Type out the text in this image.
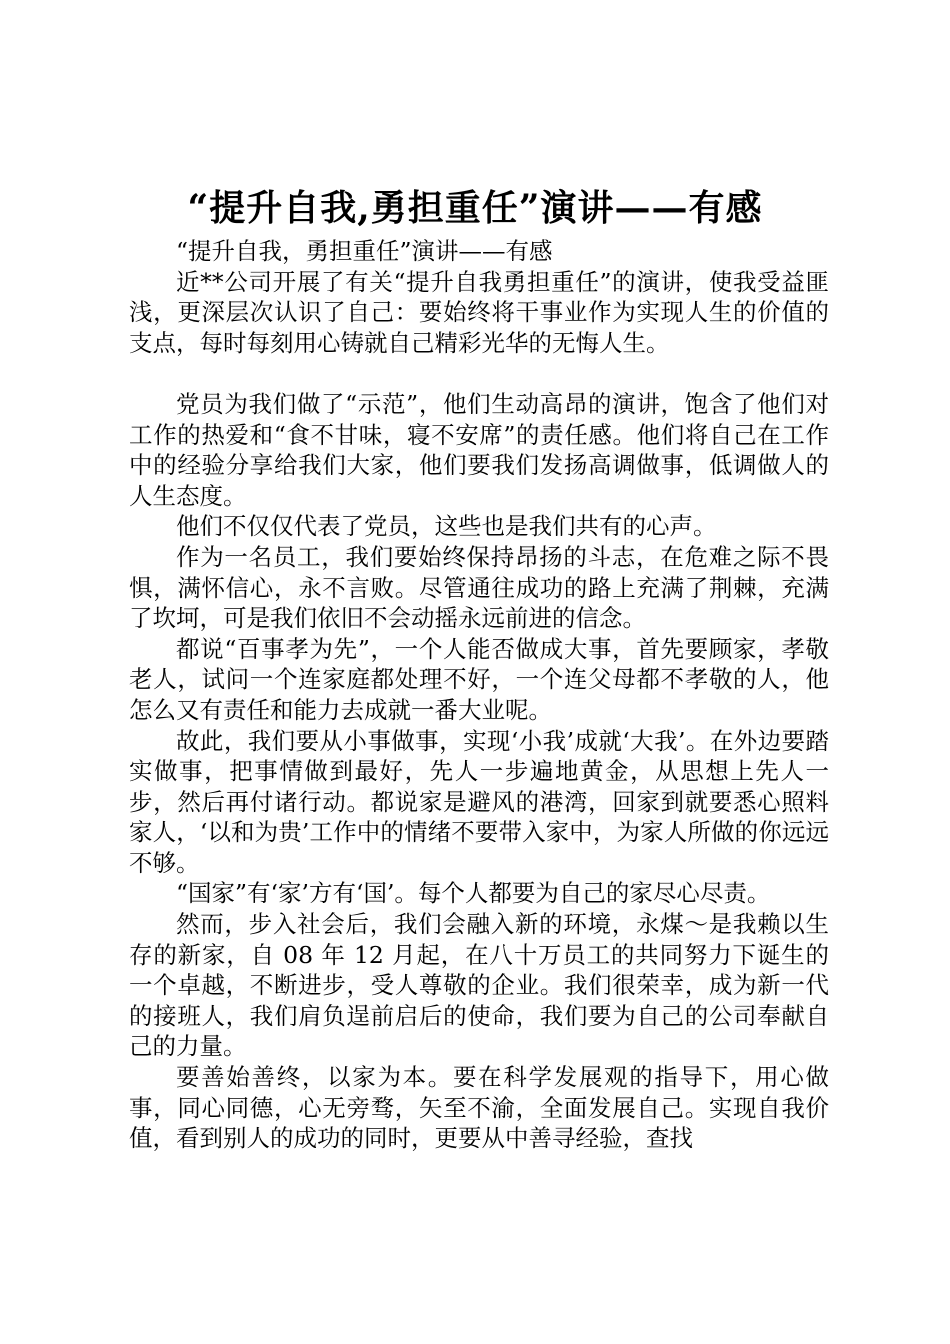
“提升自我,勇担重任”演讲——有感

“提升自我，勇担重任”演讲——有感

近**公司开展了有关“提升自我勇担重任”的演讲，使我受益匪浅，更深层次认识了自己：要始终将干事业作为实现人生的价值的支点，每时每刻用心铸就自己精彩光华的无悔人生。

党员为我们做了“示范”，他们生动高昂的演讲，饱含了他们对工作的热爱和“食不甘味，寝不安席”的责任感。他们将自己在工作中的经验分享给我们大家，他们要我们发扬高调做事，低调做人的人生态度。

他们不仅仅代表了党员，这些也是我们共有的心声。

作为一名员工，我们要始终保持昂扬的斗志，在危难之际不畏惧，满怀信心，永不言败。尽管通往成功的路上充满了荆棘，充满了坎坷，可是我们依旧不会动摇永远前进的信念。

都说“百事孝为先”，一个人能否做成大事，首先要顾家，孝敬老人，试问一个连家庭都处理不好，一个连父母都不孝敬的人，他怎么又有责任和能力去成就一番大业呢。

故此，我们要从小事做事，实现‘小我’成就‘大我’。在外边要踏实做事，把事情做到最好，先人一步遍地黄金，从思想上先人一步，然后再付诸行动。都说家是避风的港湾，回家到就要悉心照料家人，‘以和为贵’工作中的情绪不要带入家中，为家人所做的你远远不够。

“国家”有‘家’方有‘国’。每个人都要为自己的家尽心尽责。

然而，步入社会后，我们会融入新的环境，永煤～是我赖以生存的新家，自 08 年 12 月起，在八十万员工的共同努力下诞生的一个卓越，不断进步，受人尊敬的企业。我们很荣幸，成为新一代的接班人，我们肩负逞前启后的使命，我们要为自己的公司奉献自己的力量。

要善始善终，以家为本。要在科学发展观的指导下，用心做事，同心同德，心无旁骛，矢至不渝，全面发展自己。实现自我价值，看到别人的成功的同时，更要从中善寻经验，查找
